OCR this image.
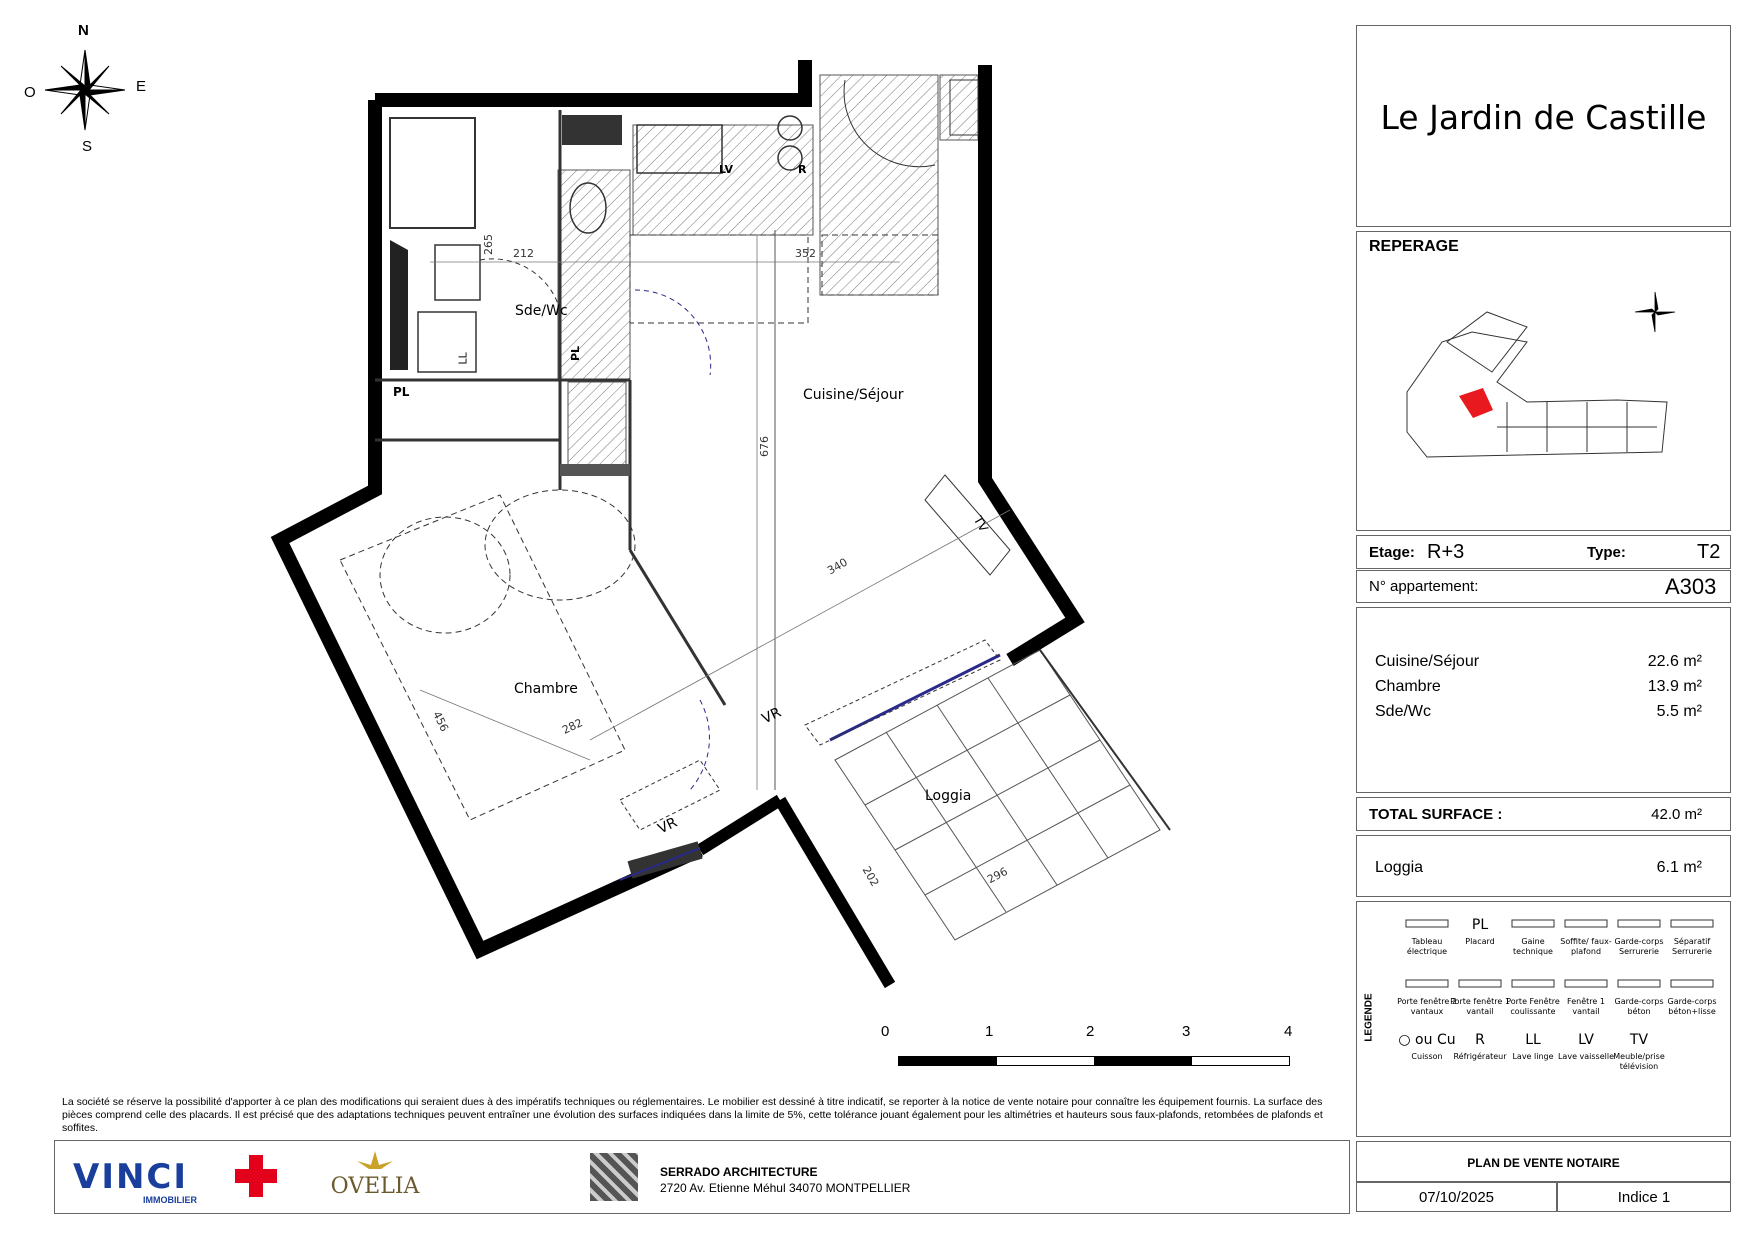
N
S
E
O
Sde/Wc
Cuisine/Séjour
Chambre
Loggia
PL
PL
LV	R
LL
TV
VR
VR
212
265	352
676
340
456	282
202	296
0	1	2	3	4
La société se réserve la possibilité d'apporter à ce plan des modifications qui seraient dues à des impératifs techniques ou réglementaires. Le mobilier est dessiné à titre indicatif, se reporter à la notice de vente notaire pour connaître les équipement fournis. La surface des pièces comprend celle des placards. Il est précisé que des adaptations techniques peuvent entraîner une évolution des surfaces indiquées dans la limite de 5%, cette tolérance jouant également pour les altimétries et hauteurs sous faux-plafonds, retombées de plafonds et soffites.
VINCI
IMMOBILIER
OVELIA
SERRADO ARCHITECTURE
2720 Av. Etienne Méhul 34070 MONTPELLIER
Le Jardin de Castille
REPERAGE
Etage: R+3	Type:	T2
N° appartement:	A303
Cuisine/Séjour	22.6 m²
Chambre	13.9 m²
Sde/Wc	5.5 m²
TOTAL SURFACE :	42.0 m²
Loggia	6.1 m²
LEGENDE
Tableau électrique
PL
Placard	Gaine technique
Soffite/ faux-plafond
Garde-corps Serrurerie
Séparatif Serrurerie
Porte fenêtre 2 vantaux
Porte fenêtre 1 vantail
Porte Fenêtre coulissante
Fenêtre 1 vantail
Garde-corps béton
Garde-corps béton+lisse
○ ou Cu
Cuisson
R
Réfrigérateur
LL
Lave linge
LV
Lave vaisselle
TV
Meuble/prise télévision
PLAN DE VENTE NOTAIRE
07/10/2025	Indice 1
